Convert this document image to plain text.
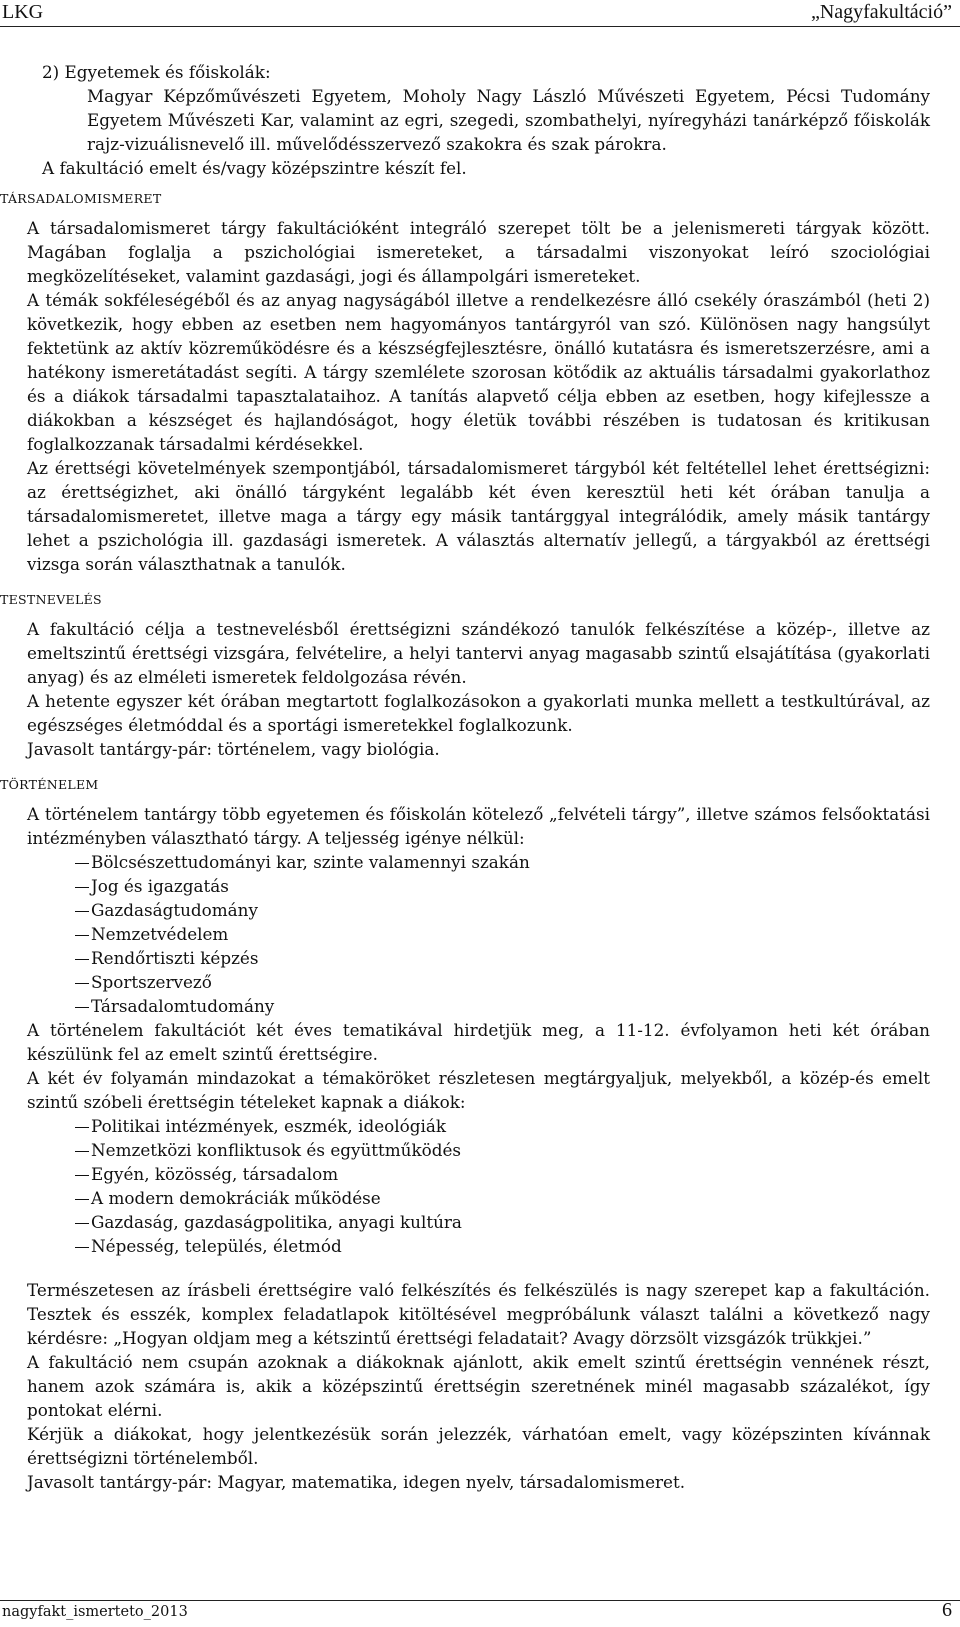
LKG	„Nagyfakultáció”

2) Egyetemek és főiskolák:

Magyar Képzőművészeti Egyetem, Moholy Nagy László Művészeti Egyetem, Pécsi Tudomány Egyetem Művészeti Kar, valamint az egri, szegedi, szombathelyi, nyíregyházi tanárképző főiskolák rajz-vizuálisnevelő ill. művelődésszervező szakokra és szak párokra.

A fakultáció emelt és/vagy középszintre készít fel.

TÁRSADALOMISMERET

A társadalomismeret tárgy fakultációként integráló szerepet tölt be a jelenismereti tárgyak között. Magában foglalja a pszichológiai ismereteket, a társadalmi viszonyokat leíró szociológiai megközelítéseket, valamint gazdasági, jogi és állampolgári ismereteket.

A témák sokféleségéből és az anyag nagyságából illetve a rendelkezésre álló csekély óraszámból (heti 2) következik, hogy ebben az esetben nem hagyományos tantárgyról van szó. Különösen nagy hangsúlyt fektetünk az aktív közreműködésre és a készségfejlesztésre, önálló kutatásra és ismeretszerzésre, ami a hatékony ismeretátadást segíti. A tárgy szemlélete szorosan kötődik az aktuális társadalmi gyakorlathoz és a diákok társadalmi tapasztalataihoz. A tanítás alapvető célja ebben az esetben, hogy kifejlessze a diákokban a készséget és hajlandóságot, hogy életük további részében is tudatosan és kritikusan foglalkozzanak társadalmi kérdésekkel.

Az érettségi követelmények szempontjából, társadalomismeret tárgyból két feltétellel lehet érettségizni: az érettségizhet, aki önálló tárgyként legalább két éven keresztül heti két órában tanulja a társadalomismeretet, illetve maga a tárgy egy másik tantárggyal integrálódik, amely másik tantárgy lehet a pszichológia ill. gazdasági ismeretek. A választás alternatív jellegű, a tárgyakból az érettségi vizsga során választhatnak a tanulók.

TESTNEVELÉS

A fakultáció célja a testnevelésből érettségizni szándékozó tanulók felkészítése a közép-, illetve az emeltszintű érettségi vizsgára, felvételire, a helyi tantervi anyag magasabb szintű elsajátítása (gyakorlati anyag) és az elméleti ismeretek feldolgozása révén.

A hetente egyszer két órában megtartott foglalkozásokon a gyakorlati munka mellett a testkultúrával, az egészséges életmóddal és a sportági ismeretekkel foglalkozunk.

Javasolt tantárgy-pár: történelem, vagy biológia.

TÖRTÉNELEM

A történelem tantárgy több egyetemen és főiskolán kötelező „felvételi tárgy”, illetve számos felsőoktatási intézményben választható tárgy. A teljesség igénye nélkül:

Bölcsészettudományi kar, szinte valamennyi szakán
Jog és igazgatás
Gazdaságtudomány
Nemzetvédelem
Rendőrtiszti képzés
Sportszervező
Társadalomtudomány

A történelem fakultációt két éves tematikával hirdetjük meg, a 11-12. évfolyamon heti két órában készülünk fel az emelt szintű érettségire.

A két év folyamán mindazokat a témaköröket részletesen megtárgyaljuk, melyekből, a közép-és emelt szintű szóbeli érettségin tételeket kapnak a diákok:

Politikai intézmények, eszmék, ideológiák
Nemzetközi konfliktusok és együttműködés
Egyén, közösség, társadalom
A modern demokráciák működése
Gazdaság, gazdaságpolitika, anyagi kultúra
Népesség, település, életmód

Természetesen az írásbeli érettségire való felkészítés és felkészülés is nagy szerepet kap a fakultáción. Tesztek és esszék, komplex feladatlapok kitöltésével megpróbálunk választ találni a következő nagy kérdésre: „Hogyan oldjam meg a kétszintű érettségi feladatait? Avagy dörzsölt vizsgázók trükkjei.”

A fakultáció nem csupán azoknak a diákoknak ajánlott, akik emelt szintű érettségin vennének részt, hanem azok számára is, akik a középszintű érettségin szeretnének minél magasabb százalékot, így pontokat elérni.

Kérjük a diákokat, hogy jelentkezésük során jelezzék, várhatóan emelt, vagy középszinten kívánnak érettségizni történelemből.

Javasolt tantárgy-pár: Magyar, matematika, idegen nyelv, társadalomismeret.

nagyfakt_ismerteto_2013	6
